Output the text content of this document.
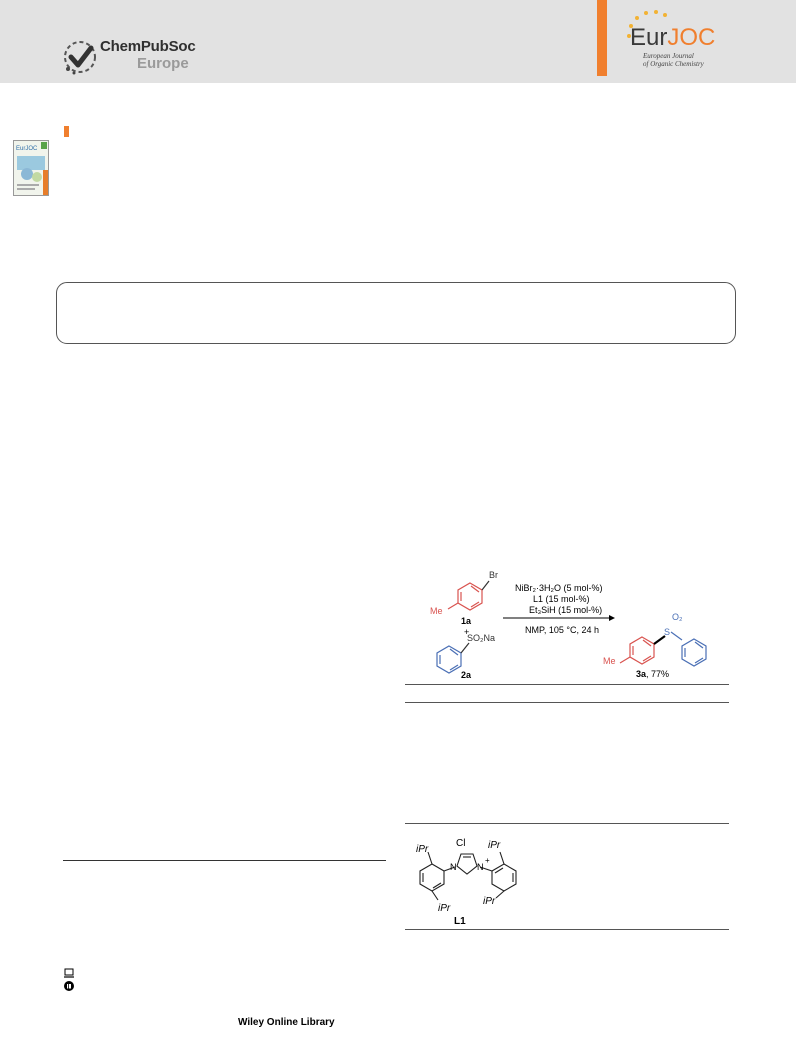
ChemPubSoc
Europe
EurJOC
European Journal
of Organic Chemistry
EurJOC
Br
Me
1a
+
SO₂Na
2a
NiBr₂·3H₂O (5 mol-%)
L1 (15 mol-%)
Et₃SiH (15 mol-%)
NMP, 105 °C, 24 h	S
O₂
Me
3a, 77%
Cl
N N
+
iPr	iPr
iPr
iPr
L1
Wiley Online Library
